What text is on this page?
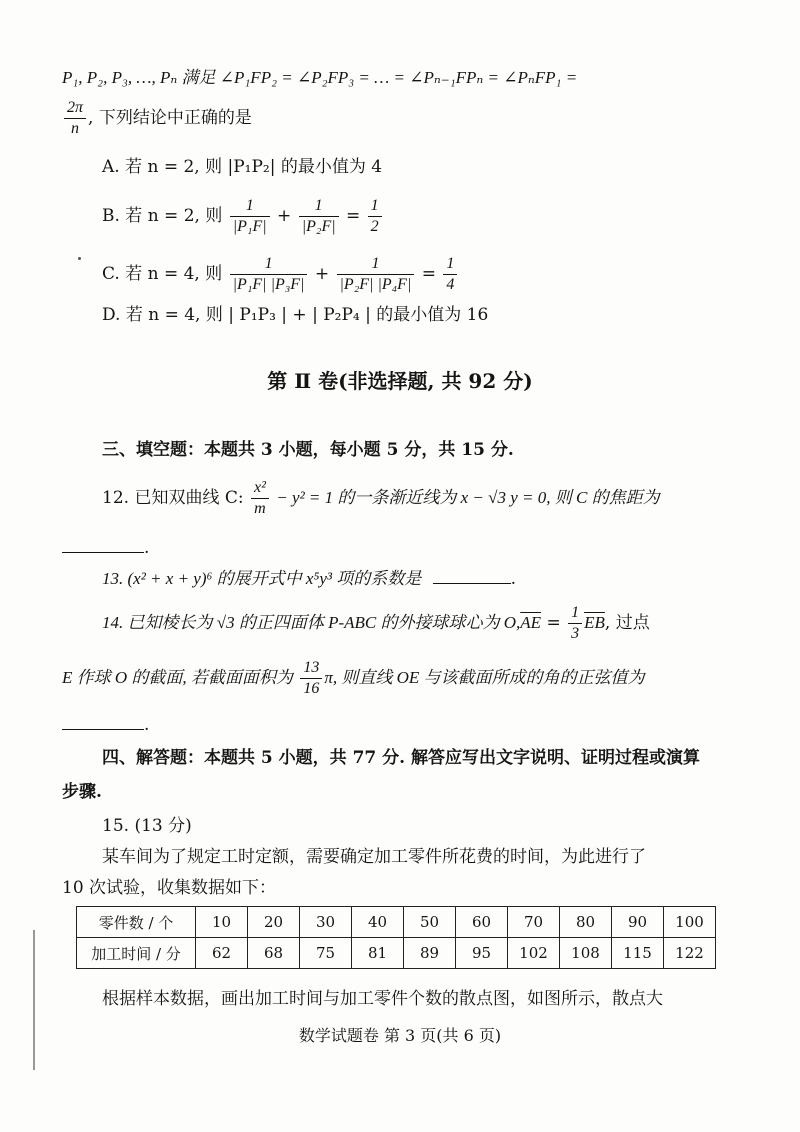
P₁, P₂, P₃, …, Pₙ 满足 ∠P₁FP₂ = ∠P₂FP₃ = … = ∠Pₙ₋₁FPₙ = ∠PₙFP₁ =
$\frac{2\pi}{n}$ , 下列结论中正确的是
A. 若 n = 2, 则 |P₁P₂| 的最小值为 4
B. 若 n = 2, 则 $\frac{1}{\text{|P₁F|}} + \frac{1}{\text{|P₂F|}} = \frac{1}{2}$
C. 若 n = 4, 则 $\frac{1}{\text{|P₁F| |P₃F|}} + \frac{1}{\text{|P₂F| |P₄F|}} = \frac{1}{4}$
D. 若 n = 4, 则 | P₁P₃ | + | P₂P₄ | 的最小值为 16
第 Ⅱ 卷(非选择题, 共 92 分)
三、填空题：本题共 3 小题，每小题 5 分，共 15 分.
12. 已知双曲线 C: $\frac{\text{x²}}{m} - y^2 = 1$ 的一条渐近线为 x − √3 y = 0, 则 C 的焦距为
.
13. (x² + x + y)⁶ 的展开式中 x⁵y³ 项的系数是	.
14. 已知棱长为 √3 的正四面体 P-ABC 的外接球球心为 $O,\overline{AE} = \frac{1}{3} \overline{EB}$, 过点
E 作球 O 的截面, 若截面面积为 $\frac{13}{16} \pi$, 则直线 OE 与该截面所成的角的正弦值为
.
四、解答题：本题共 5 小题，共 77 分. 解答应写出文字说明、证明过程或演算
步骤.
15. (13 分)
某车间为了规定工时定额，需要确定加工零件所花费的时间，为此进行了
10 次试验，收集数据如下：
零件数 / 个	10	20	30	40	50	60	70	80	90	100
加工时间 / 分	62	68	75	81	89	95	102	108	115	122
根据样本数据，画出加工时间与加工零件个数的散点图，如图所示，散点大
数学试题卷 第 3 页(共 6 页)
